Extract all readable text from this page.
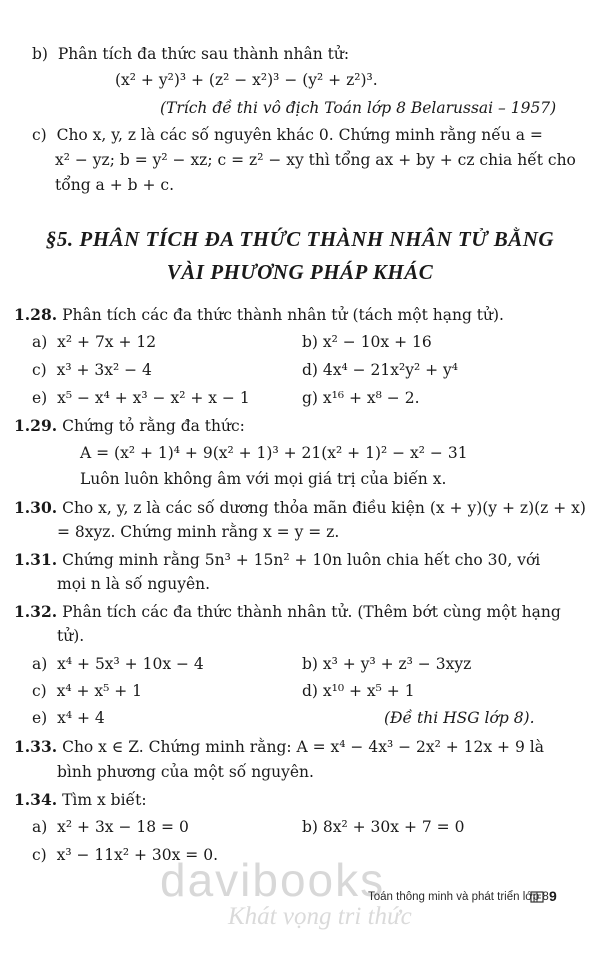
davibooks
Khát vọng tri thức
b)  Phân tích đa thức sau thành nhân tử:
(x² + y²)³ + (z² − x²)³ − (y² + z²)³.
(Trích đề thi vô địch Toán lớp 8 Belarussai – 1957)
c)  Cho x, y, z là các số nguyên khác 0. Chứng minh rằng nếu a =
x² − yz; b = y² − xz; c = z² − xy thì tổng ax + by + cz chia hết cho
tổng a + b + c.
§5. PHÂN TÍCH ĐA THỨC THÀNH NHÂN TỬ BẰNG
VÀI PHƯƠNG PHÁP KHÁC
1.28. Phân tích các đa thức thành nhân tử (tách một hạng tử).
a)  x² + 7x + 12	b) x² − 10x + 16
c)  x³ + 3x² − 4	d) 4x⁴ − 21x²y² + y⁴
e)  x⁵ − x⁴ + x³ − x² + x − 1	g) x¹⁶ + x⁸ − 2.
1.29. Chứng tỏ rằng đa thức:
A = (x² + 1)⁴ + 9(x² + 1)³ + 21(x² + 1)² − x² − 31
Luôn luôn không âm với mọi giá trị của biến x.
1.30. Cho x, y, z là các số dương thỏa mãn điều kiện (x + y)(y + z)(z + x)
= 8xyz. Chứng minh rằng x = y = z.
1.31. Chứng minh rằng 5n³ + 15n² + 10n luôn chia hết cho 30, với
mọi n là số nguyên.
1.32. Phân tích các đa thức thành nhân tử. (Thêm bớt cùng một hạng
tử).
a)  x⁴ + 5x³ + 10x − 4	b) x³ + y³ + z³ − 3xyz
c)  x⁴ + x⁵ + 1	d) x¹⁰ + x⁵ + 1
e)  x⁴ + 4	(Đề thi HSG lớp 8).
1.33. Cho x ∈ Z. Chứng minh rằng: A = x⁴ − 4x³ − 2x² + 12x + 9 là
bình phương của một số nguyên.
1.34. Tìm x biết:
a)  x² + 3x − 18 = 0	b) 8x² + 30x + 7 = 0
c)  x³ − 11x² + 30x = 0.
Toán thông minh và phát triển lớp 8 9
